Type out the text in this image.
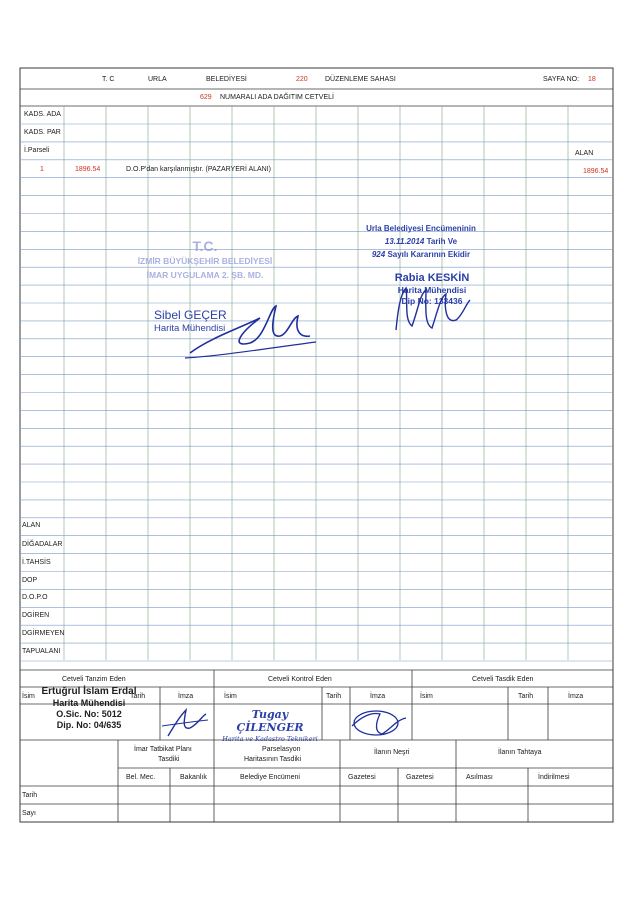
T. C	URLA	BELEDİYESİ	220 DÜZENLEME SAHASI	SAYFA NO: 18
629 NUMARALI ADA DAĞITIM CETVELİ
KADS. ADA
KADS. PAR
İ.Parseli	ALAN
1	1896.54	D.O.P'dan karşılanmıştır. (PAZARYERİ ALANI)	1896.54
ALAN
DİĞADALAR
İ.TAHSİS
DOP
D.O.P.O
DGİREN
DGİRMEYEN
TAPUALANI
T.C.
İZMİR BÜYÜKŞEHİR BELEDİYESİ
İMAR UYGULAMA 2. ŞB. MD.
Sibel GEÇER
Harita Mühendisi
Urla Belediyesi Encümeninin
13.11.2014 Tarih Ve
924 Sayılı Kararının Ekidir
Rabia KESKİN
Harita Mühendisi
Dip No: 133436
Cetveli Tanzim Eden	Cetveli Kontrol Eden	Cetveli Tasdik Eden
İsim	Tarih	İmza	İsim	Tarih	İmza	İsim	Tarih	İmza
Ertuğrul İslam Erdal
Harita Mühendisi
O.Sic. No: 5012
Dip. No: 04/635
Tugay ÇİLENGER
Harita ve Kadastro Teknikeri
İmar Tatbikat Planı
Tasdiki
Parselasyon
Haritasının Tasdiki
İlanın Neşri	İlanın Tahtaya
Bel. Mec.	Bakanlık	Belediye Encümeni	Gazetesi	Gazetesi	Asılması	İndirilmesi
Tarih
Sayı
